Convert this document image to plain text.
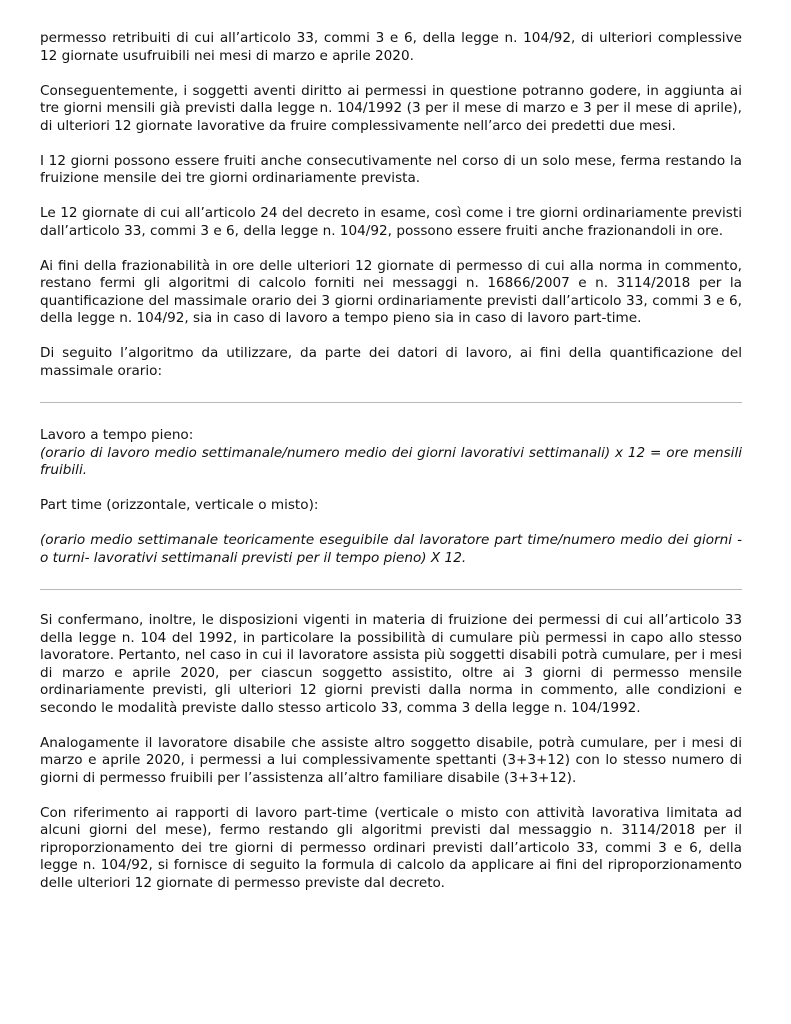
permesso retribuiti di cui all’articolo 33, commi 3 e 6, della legge n. 104/92, di ulteriori complessive 12 giornate usufruibili nei mesi di marzo e aprile 2020.

Conseguentemente, i soggetti aventi diritto ai permessi in questione potranno godere, in aggiunta ai tre giorni mensili già previsti dalla legge n. 104/1992 (3 per il mese di marzo e 3 per il mese di aprile), di ulteriori 12 giornate lavorative da fruire complessivamente nell’arco dei predetti due mesi.

I 12 giorni possono essere fruiti anche consecutivamente nel corso di un solo mese, ferma restando la fruizione mensile dei tre giorni ordinariamente prevista.

Le 12 giornate di cui all’articolo 24 del decreto in esame, così come i tre giorni ordinariamente previsti dall’articolo 33, commi 3 e 6, della legge n. 104/92, possono essere fruiti anche frazionandoli in ore.

Ai fini della frazionabilità in ore delle ulteriori 12 giornate di permesso di cui alla norma in commento, restano fermi gli algoritmi di calcolo forniti nei messaggi n. 16866/2007 e n. 3114/2018 per la quantificazione del massimale orario dei 3 giorni ordinariamente previsti dall’articolo 33, commi 3 e 6, della legge n. 104/92, sia in caso di lavoro a tempo pieno sia in caso di lavoro part-time.

Di seguito l’algoritmo da utilizzare, da parte dei datori di lavoro, ai fini della quantificazione del massimale orario:

Lavoro a tempo pieno:

(orario di lavoro medio settimanale/numero medio dei giorni lavorativi settimanali) x 12 = ore mensili fruibili.

Part time (orizzontale, verticale o misto):

(orario medio settimanale teoricamente eseguibile dal lavoratore part time/numero medio dei giorni -o turni- lavorativi settimanali previsti per il tempo pieno) X 12.

Si confermano, inoltre, le disposizioni vigenti in materia di fruizione dei permessi di cui all’articolo 33 della legge n. 104 del 1992, in particolare la possibilità di cumulare più permessi in capo allo stesso lavoratore. Pertanto, nel caso in cui il lavoratore assista più soggetti disabili potrà cumulare, per i mesi di marzo e aprile 2020, per ciascun soggetto assistito, oltre ai 3 giorni di permesso mensile ordinariamente previsti, gli ulteriori 12 giorni previsti dalla norma in commento, alle condizioni e secondo le modalità previste dallo stesso articolo 33, comma 3 della legge n. 104/1992.

Analogamente il lavoratore disabile che assiste altro soggetto disabile, potrà cumulare, per i mesi di marzo e aprile 2020, i permessi a lui complessivamente spettanti (3+3+12) con lo stesso numero di giorni di permesso fruibili per l’assistenza all’altro familiare disabile (3+3+12).

Con riferimento ai rapporti di lavoro part-time (verticale o misto con attività lavorativa limitata ad alcuni giorni del mese), fermo restando gli algoritmi previsti dal messaggio n. 3114/2018 per il riproporzionamento dei tre giorni di permesso ordinari previsti dall’articolo 33, commi 3 e 6, della legge n. 104/92, si fornisce di seguito la formula di calcolo da applicare ai fini del riproporzionamento delle ulteriori 12 giornate di permesso previste dal decreto.
